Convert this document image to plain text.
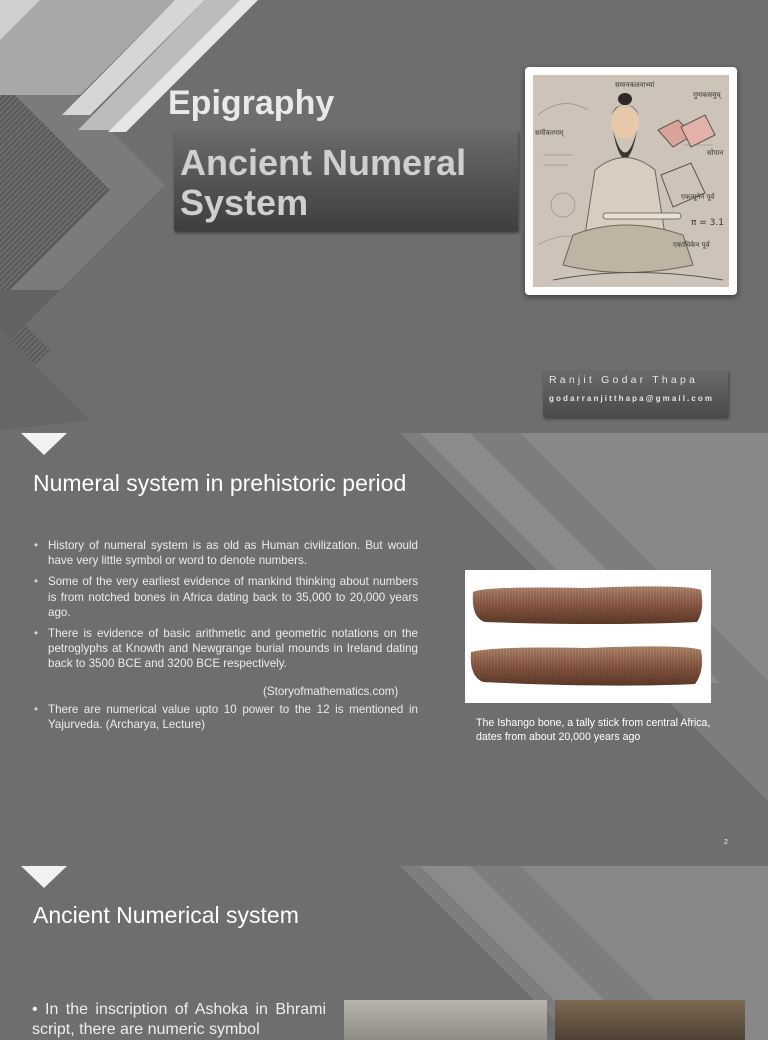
Epigraphy
Ancient Numeral System
समानकलनाभ्यां
गुणकसमुच्
समीकरणम्
सोपान
एकन्यूनेन पूर्व
एकाधिकेन पूर्व
π = 3.1
Ranjit Godar Thapa
godarranjitthapa@gmail.com
Numeral system in prehistoric period
• History of numeral system is as old as Human civilization. But would have very little symbol or word to denote numbers.
• Some of the very earliest evidence of mankind thinking about numbers is from notched bones in Africa dating back to 35,000 to 20,000 years ago.
• There is evidence of basic arithmetic and geometric notations on the petroglyphs at Knowth and Newgrange burial mounds in Ireland dating back to 3500 BCE and 3200 BCE respectively.
• There are numerical value upto 10 power to the 12 is mentioned in Yajurveda. (Archarya, Lecture)
(Storyofmathematics.com)
The Ishango bone, a tally stick from central Africa, dates from about 20,000 years ago
2
Ancient Numerical system
• In the inscription of Ashoka in Bhrami script, there are numeric symbol
